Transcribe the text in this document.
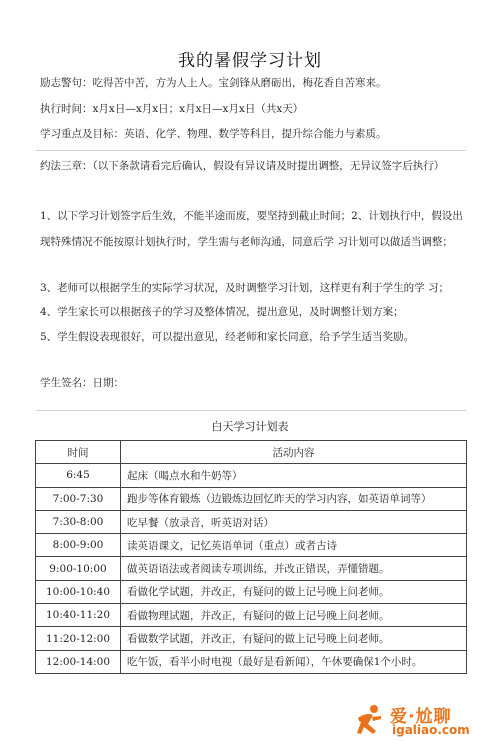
我的暑假学习计划
励志警句：吃得苦中苦，方为人上人。宝剑锋从磨砺出，梅花香自苦寒来。
执行时间：x月x日—x月x日；x月x日—x月x日（共x天）
学习重点及目标：英语、化学、物理、数学等科目，提升综合能力与素质。
约法三章：（以下条款请看完后确认，假设有异议请及时提出调整，无异议签字后执行）
1、以下学习计划签字后生效，不能半途而废，要坚持到截止时间；2、计划执行中，假设出现特殊情况不能按原计划执行时，学生需与老师沟通，同意后学 习计划可以做适当调整；
3、老师可以根据学生的实际学习状况，及时调整学习计划，这样更有利于学生的学 习；
4、学生家长可以根据孩子的学习及整体情况，提出意见，及时调整计划方案；
5、学生假设表现很好，可以提出意见，经老师和家长同意，给予学生适当奖励。
学生签名：日期：
白天学习计划表
时间	活动内容
6:45	起床（喝点水和牛奶等）
7:00-7:30	跑步等体育锻炼（边锻炼边回忆昨天的学习内容，如英语单词等）
7:30-8:00	吃早餐（放录音，听英语对话）
8:00-9:00	读英语课文，记忆英语单词（重点）或者古诗
9:00-10:00	做英语语法或者阅读专项训练，并改正错误，弄懂错题。
10:00-10:40	看做化学试题，并改正，有疑问的做上记号晚上问老师。
10:40-11:20	看做物理试题，并改正，有疑问的做上记号晚上问老师。
11:20-12:00	看做数学试题，并改正，有疑问的做上记号晚上问老师。
12:00-14:00	吃午饭，看半小时电视（最好是看新闻），午休要确保1个小时。
爱·尬聊
igaliao.com
